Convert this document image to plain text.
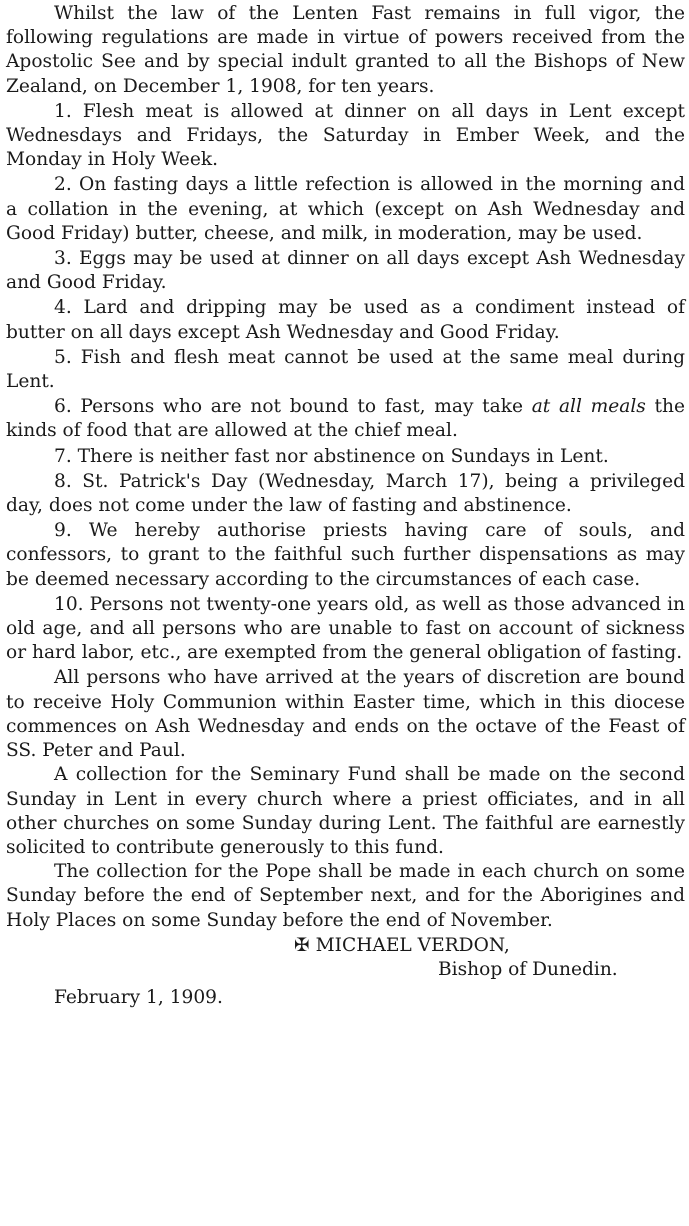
Whilst the law of the Lenten Fast remains in full vigor, the following regulations are made in virtue of powers received from the Apostolic See and by special indult granted to all the Bishops of New Zealand, on December 1, 1908, for ten years.

1. Flesh meat is allowed at dinner on all days in Lent except Wednesdays and Fridays, the Saturday in Ember Week, and the Monday in Holy Week.

2. On fasting days a little refection is allowed in the morning and a collation in the evening, at which (except on Ash Wednesday and Good Friday) butter, cheese, and milk, in moderation, may be used.

3. Eggs may be used at dinner on all days except Ash Wednesday and Good Friday.

4. Lard and dripping may be used as a condiment instead of butter on all days except Ash Wednesday and Good Friday.

5. Fish and flesh meat cannot be used at the same meal during Lent.

6. Persons who are not bound to fast, may take at all meals the kinds of food that are allowed at the chief meal.

7. There is neither fast nor abstinence on Sundays in Lent.

8. St. Patrick's Day (Wednesday, March 17), being a privileged day, does not come under the law of fasting and abstinence.

9. We hereby authorise priests having care of souls, and confessors, to grant to the faithful such further dispensations as may be deemed necessary according to the circumstances of each case.

10. Persons not twenty-one years old, as well as those advanced in old age, and all persons who are unable to fast on account of sickness or hard labor, etc., are exempted from the general obligation of fasting.

All persons who have arrived at the years of discretion are bound to receive Holy Communion within Easter time, which in this diocese commences on Ash Wednesday and ends on the octave of the Feast of SS. Peter and Paul.

A collection for the Seminary Fund shall be made on the second Sunday in Lent in every church where a priest officiates, and in all other churches on some Sunday during Lent. The faithful are earnestly solicited to contribute generously to this fund.

The collection for the Pope shall be made in each church on some Sunday before the end of September next, and for the Aborigines and Holy Places on some Sunday before the end of November.

✠ MICHAEL VERDON,

Bishop of Dunedin.

February 1, 1909.
